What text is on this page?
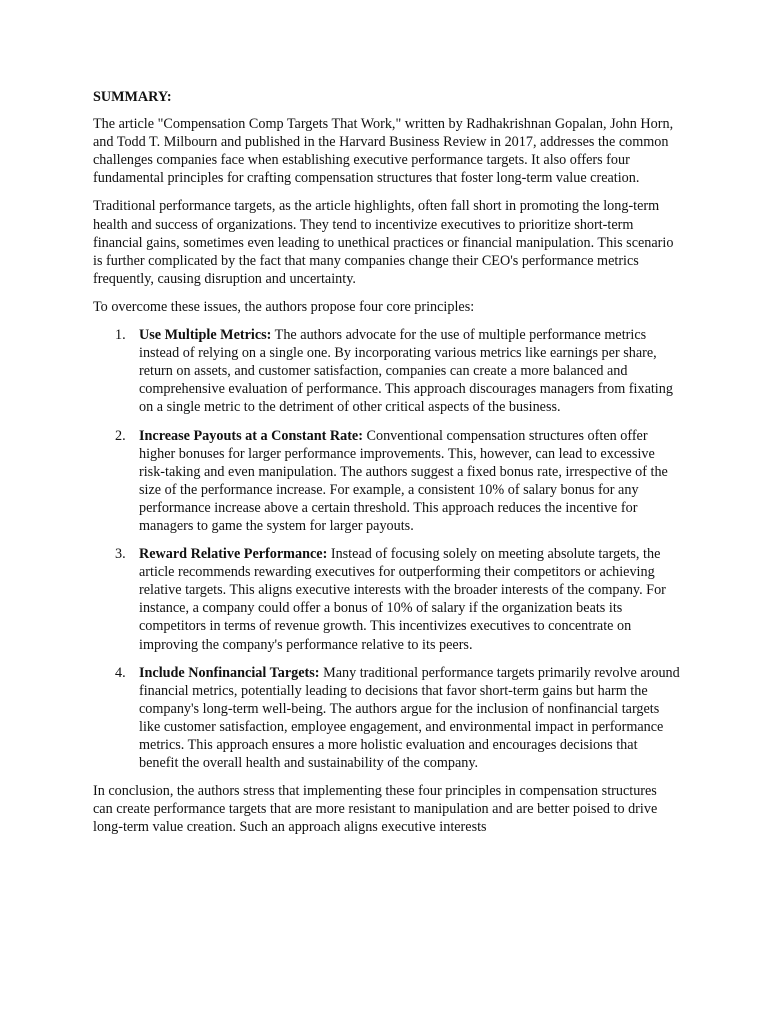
SUMMARY:

The article "Compensation Comp Targets That Work," written by Radhakrishnan Gopalan, John Horn, and Todd T. Milbourn and published in the Harvard Business Review in 2017, addresses the common challenges companies face when establishing executive performance targets. It also offers four fundamental principles for crafting compensation structures that foster long-term value creation.

Traditional performance targets, as the article highlights, often fall short in promoting the long-term health and success of organizations. They tend to incentivize executives to prioritize short-term financial gains, sometimes even leading to unethical practices or financial manipulation. This scenario is further complicated by the fact that many companies change their CEO's performance metrics frequently, causing disruption and uncertainty.

To overcome these issues, the authors propose four core principles:

1. Use Multiple Metrics: The authors advocate for the use of multiple performance metrics instead of relying on a single one. By incorporating various metrics like earnings per share, return on assets, and customer satisfaction, companies can create a more balanced and comprehensive evaluation of performance. This approach discourages managers from fixating on a single metric to the detriment of other critical aspects of the business.
2. Increase Payouts at a Constant Rate: Conventional compensation structures often offer higher bonuses for larger performance improvements. This, however, can lead to excessive risk-taking and even manipulation. The authors suggest a fixed bonus rate, irrespective of the size of the performance increase. For example, a consistent 10% of salary bonus for any performance increase above a certain threshold. This approach reduces the incentive for managers to game the system for larger payouts.
3. Reward Relative Performance: Instead of focusing solely on meeting absolute targets, the article recommends rewarding executives for outperforming their competitors or achieving relative targets. This aligns executive interests with the broader interests of the company. For instance, a company could offer a bonus of 10% of salary if the organization beats its competitors in terms of revenue growth. This incentivizes executives to concentrate on improving the company's performance relative to its peers.
4. Include Nonfinancial Targets: Many traditional performance targets primarily revolve around financial metrics, potentially leading to decisions that favor short-term gains but harm the company's long-term well-being. The authors argue for the inclusion of nonfinancial targets like customer satisfaction, employee engagement, and environmental impact in performance metrics. This approach ensures a more holistic evaluation and encourages decisions that benefit the overall health and sustainability of the company.

In conclusion, the authors stress that implementing these four principles in compensation structures can create performance targets that are more resistant to manipulation and are better poised to drive long-term value creation. Such an approach aligns executive interests
